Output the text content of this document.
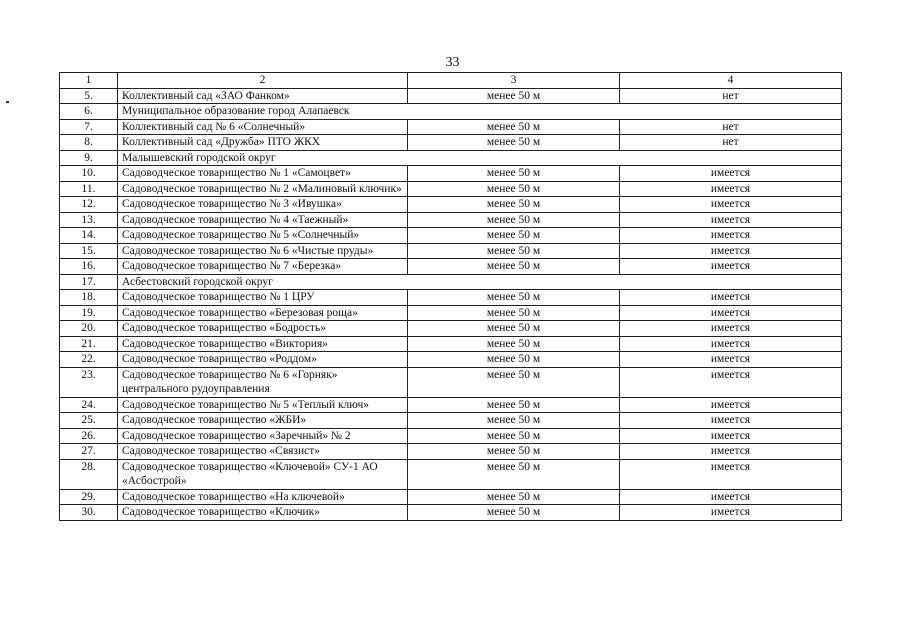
33
1	2	3	4
5.	Коллективный сад «ЗАО Фанком»	менее 50 м	нет
6.	Муниципальное образование город Алапаевск		
7.	Коллективный сад № 6 «Солнечный»	менее 50 м	нет
8.	Коллективный сад «Дружба» ПТО ЖКХ	менее 50 м	нет
9.	Малышевский городской округ		
10.	Садоводческое товарищество № 1 «Самоцвет»	менее 50 м	имеется
11.	Садоводческое товарищество № 2 «Малиновый ключик»	менее 50 м	имеется
12.	Садоводческое товарищество № 3 «Ивушка»	менее 50 м	имеется
13.	Садоводческое товарищество № 4 «Таежный»	менее 50 м	имеется
14.	Садоводческое товарищество № 5 «Солнечный»	менее 50 м	имеется
15.	Садоводческое товарищество № 6 «Чистые пруды»	менее 50 м	имеется
16.	Садоводческое товарищество № 7 «Березка»	менее 50 м	имеется
17.	Асбестовский городской округ		
18.	Садоводческое товарищество № 1 ЦРУ	менее 50 м	имеется
19.	Садоводческое товарищество «Березовая роща»	менее 50 м	имеется
20.	Садоводческое товарищество «Бодрость»	менее 50 м	имеется
21.	Садоводческое товарищество «Виктория»	менее 50 м	имеется
22.	Садоводческое товарищество «Роддом»	менее 50 м	имеется
23.	Садоводческое товарищество № 6 «Горняк» центрального рудоуправления	менее 50 м	имеется
24.	Садоводческое товарищество № 5 «Теплый ключ»	менее 50 м	имеется
25.	Садоводческое товарищество «ЖБИ»	менее 50 м	имеется
26.	Садоводческое товарищество «Заречный» № 2	менее 50 м	имеется
27.	Садоводческое товарищество «Связист»	менее 50 м	имеется
28.	Садоводческое товарищество «Ключевой» СУ-1 АО «Асбострой»	менее 50 м	имеется
29.	Садоводческое товарищество «На ключевой»	менее 50 м	имеется
30.	Садоводческое товарищество «Ключик»	менее 50 м	имеется
